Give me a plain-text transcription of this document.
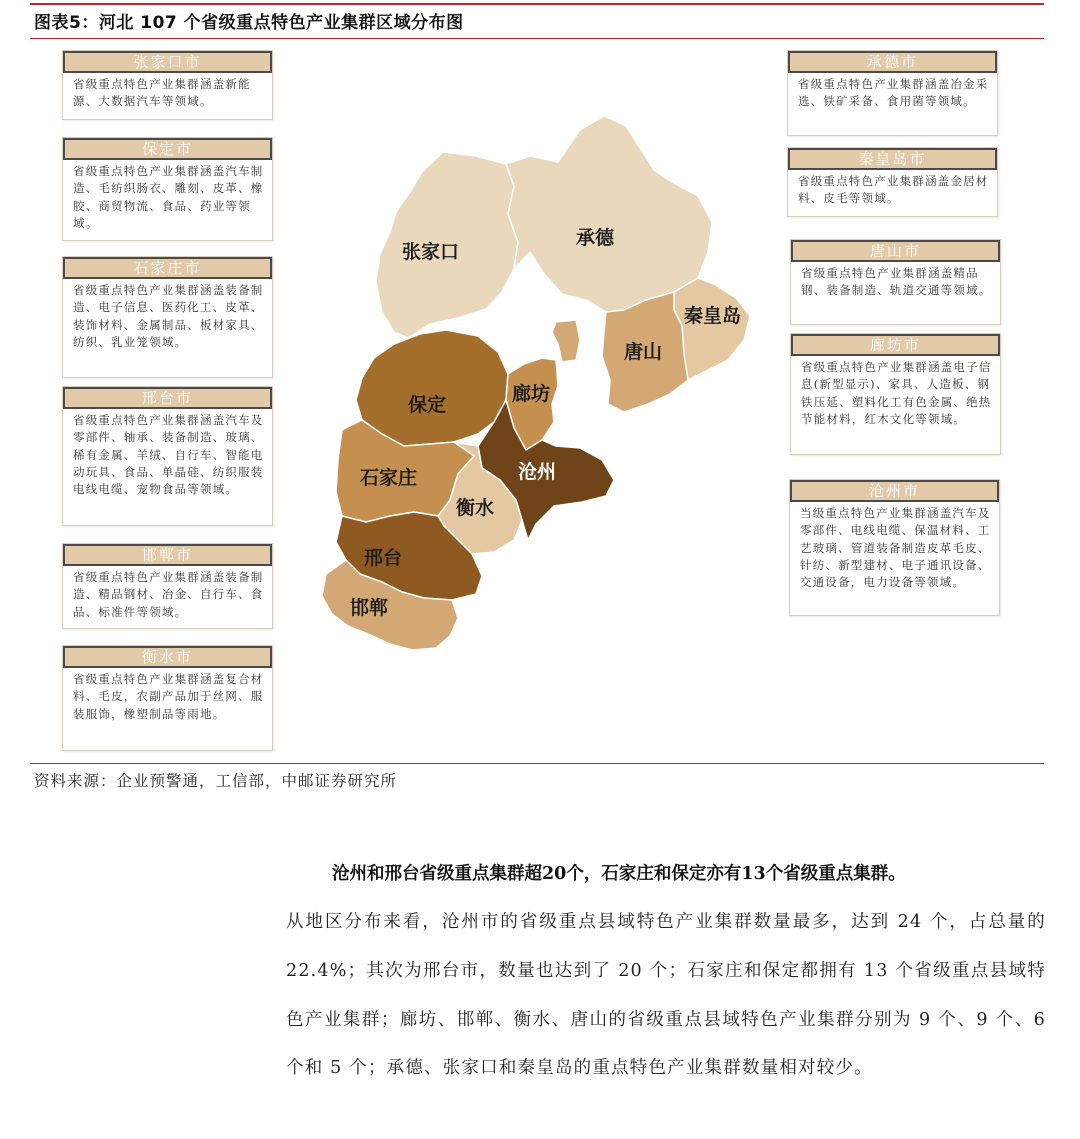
图表5：河北 107 个省级重点特色产业集群区域分布图
张家口市
省级重点特色产业集群涵盖新能源、大数据汽车等领域。
保定市
省级重点特色产业集群涵盖汽车制造、毛纺织肠衣、雕刻、皮革、橡胶、商贸物流、食品、药业等领域。
石家庄市
省级重点特色产业集群涵盖装备制造、电子信息、医药化工、皮革、装饰材料、金属制品、板材家具、纺织、乳业笼领域。
邢台市
省级重点特色产业集群涵盖汽车及零部件、轴承、装备制造、玻璃、稀有金属、羊绒、自行车、智能电动玩具、食品、单晶硅、纺织服装电线电缆、宠物食品等领域。
邯郸市
省级重点特色产业集群涵盖装备制造、精品钢材、冶金、自行车、食品、标准件等领域。
衡水市
省级重点特色产业集群涵盖复合材料、毛皮，农副产品加于丝网、服装服饰，橡塑制品等雨地。
承德市
省级重点特色产业集群涵盖冶金采选、铁矿采备、食用菌等领域。
秦皇岛市
省级重点特色产业集群涵盖金居材料、皮毛等领域。
唐山市
省级重点特色产业集群涵盖精品钢、装备制造、轨道交通等领域。
廊坊市
省级重点特色产业集群涵盖电子信息(新型显示)、家具、人造板、钢铁压延、塑料化工有色金属、绝热节能材料，红木文化等领域。
沧州市
当级重点特色产业集群涵盖汽车及零部件、电线电缆、保温材料、工艺玻璃、管道装备制造皮革毛皮、针纺、新型建材、电子通讯设备、交通设备，电力设备等领域。
张家口
承德
秦皇岛
唐山
廊坊
保定
沧州
石家庄
衡水
邢台
邯郸
资料来源：企业预警通，工信部，中邮证券研究所
沧州和邢台省级重点集群超20个，石家庄和保定亦有13个省级重点集群。
从地区分布来看，沧州市的省级重点县域特色产业集群数量最多，达到 24 个，占总量的 22.4%；其次为邢台市，数量也达到了 20 个；石家庄和保定都拥有 13 个省级重点县域特色产业集群；廊坊、邯郸、衡水、唐山的省级重点县域特色产业集群分别为 9 个、9 个、6 个和 5 个；承德、张家口和秦皇岛的重点特色产业集群数量相对较少。
